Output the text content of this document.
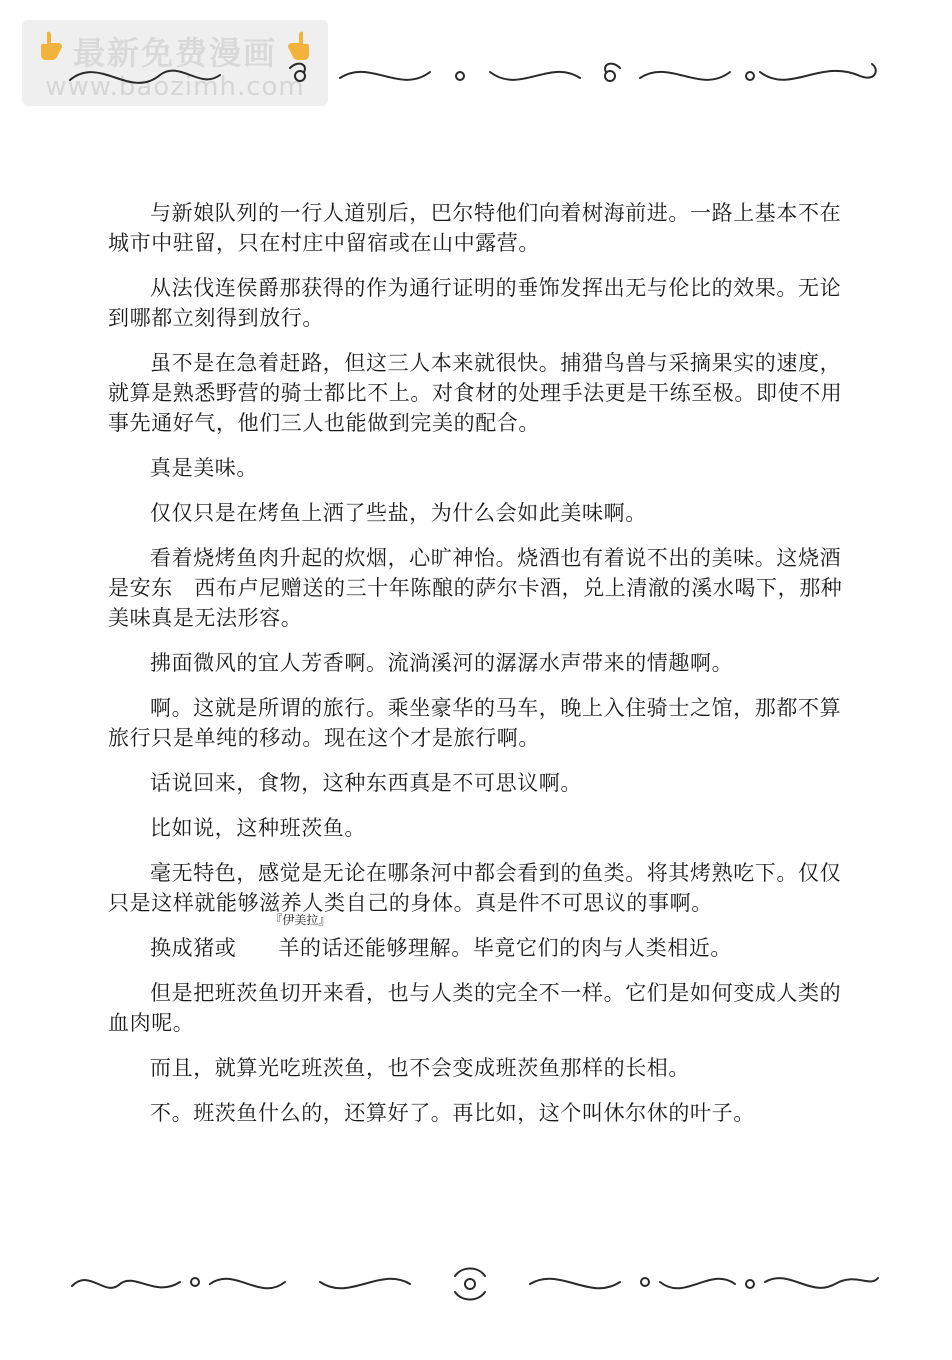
最新免费漫画
www.baozimh.com

与新娘队列的一行人道别后，巴尔特他们向着树海前进。一路上基本不在城市中驻留，只在村庄中留宿或在山中露营。

从法伐连侯爵那获得的作为通行证明的垂饰发挥出无与伦比的效果。无论到哪都立刻得到放行。

虽不是在急着赶路，但这三人本来就很快。捕猎鸟兽与采摘果实的速度，就算是熟悉野营的骑士都比不上。对食材的处理手法更是干练至极。即使不用事先通好气，他们三人也能做到完美的配合。

真是美味。

仅仅只是在烤鱼上洒了些盐，为什么会如此美味啊。

看着烧烤鱼肉升起的炊烟，心旷神怡。烧酒也有着说不出的美味。这烧酒是安东　西布卢尼赠送的三十年陈酿的萨尔卡酒，兑上清澈的溪水喝下，那种美味真是无法形容。

拂面微风的宜人芳香啊。流淌溪河的潺潺水声带来的情趣啊。

啊。这就是所谓的旅行。乘坐豪华的马车，晚上入住骑士之馆，那都不算旅行只是单纯的移动。现在这个才是旅行啊。

话说回来，食物，这种东西真是不可思议啊。

比如说，这种班茨鱼。

毫无特色，感觉是无论在哪条河中都会看到的鱼类。将其烤熟吃下。仅仅只是这样就能够滋养人类自己的身体。真是件不可思议的事啊。

换成猪或
『伊美拉』
羊的话还能够理解。毕竟它们的肉与人类相近。

但是把班茨鱼切开来看，也与人类的完全不一样。它们是如何变成人类的血肉呢。

而且，就算光吃班茨鱼，也不会变成班茨鱼那样的长相。

不。班茨鱼什么的，还算好了。再比如，这个叫休尔休的叶子。
